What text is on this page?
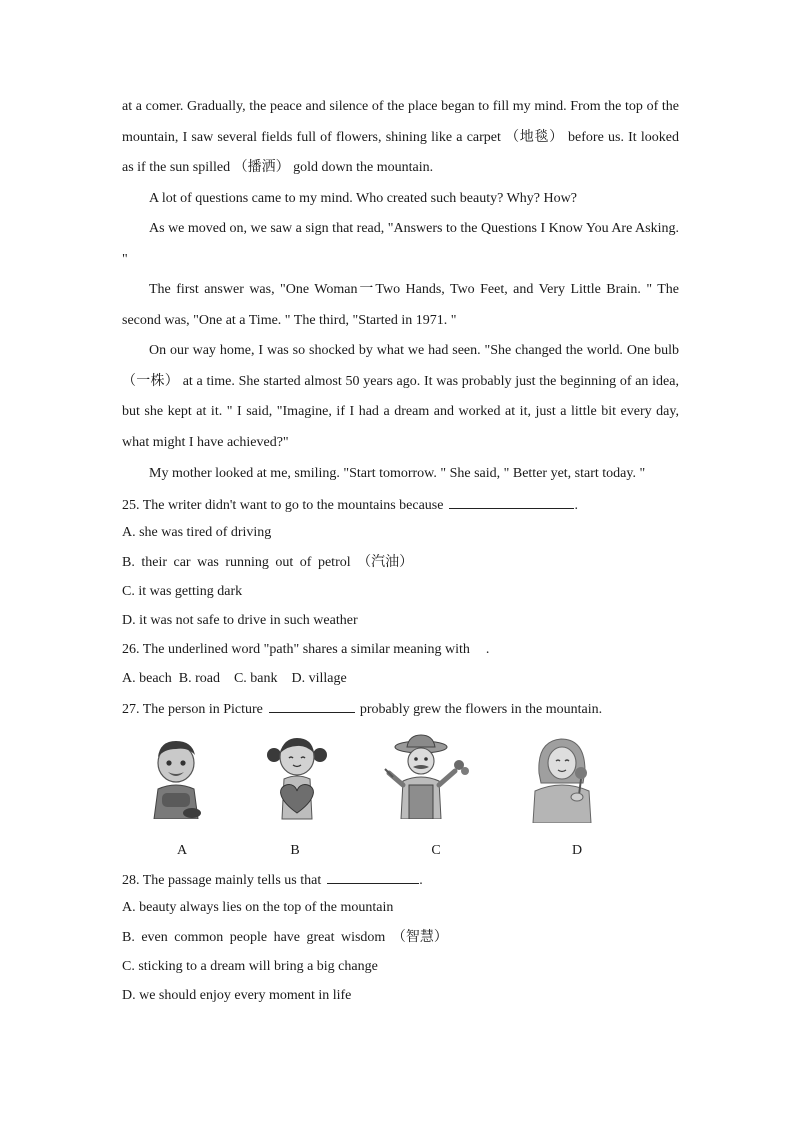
at a comer. Gradually, the peace and silence of the place began to fill my mind. From the top of the mountain, I saw several fields full of flowers, shining like a carpet （地毯） before us. It looked as if the sun spilled （播洒） gold down the mountain.

A lot of questions came to my mind. Who created such beauty? Why? How?

As we moved on, we saw a sign that read, "Answers to the Questions I Know You Are Asking. "

The first answer was, "One Woman一Two Hands, Two Feet, and Very Little Brain. " The second was, "One at a Time. " The third, "Started in 1971. "

On our way home, I was so shocked by what we had seen. "She changed the world. One bulb （一株） at a time. She started almost 50 years ago. It was probably just the beginning of an idea, but she kept at it. " I said, "Imagine, if I had a dream and worked at it, just a little bit every day, what might I have achieved?"

My mother looked at me, smiling. "Start tomorrow. " She said, " Better yet, start today. "

25. The writer didn't want to go to the mountains because	.

A. she was tired of driving

B. their car was running out of petrol （汽油）

C. it was getting dark

D. it was not safe to drive in such weather

26. The underlined word "path" shares a similar meaning with .

A. beach  B. road    C. bank    D. village

27. The person in Picture	probably grew the flowers in the mountain.

A	B	C	D

28. The passage mainly tells us that	.

A. beauty always lies on the top of the mountain

B. even common people have great wisdom （智慧）

C. sticking to a dream will bring a big change

D. we should enjoy every moment in life
